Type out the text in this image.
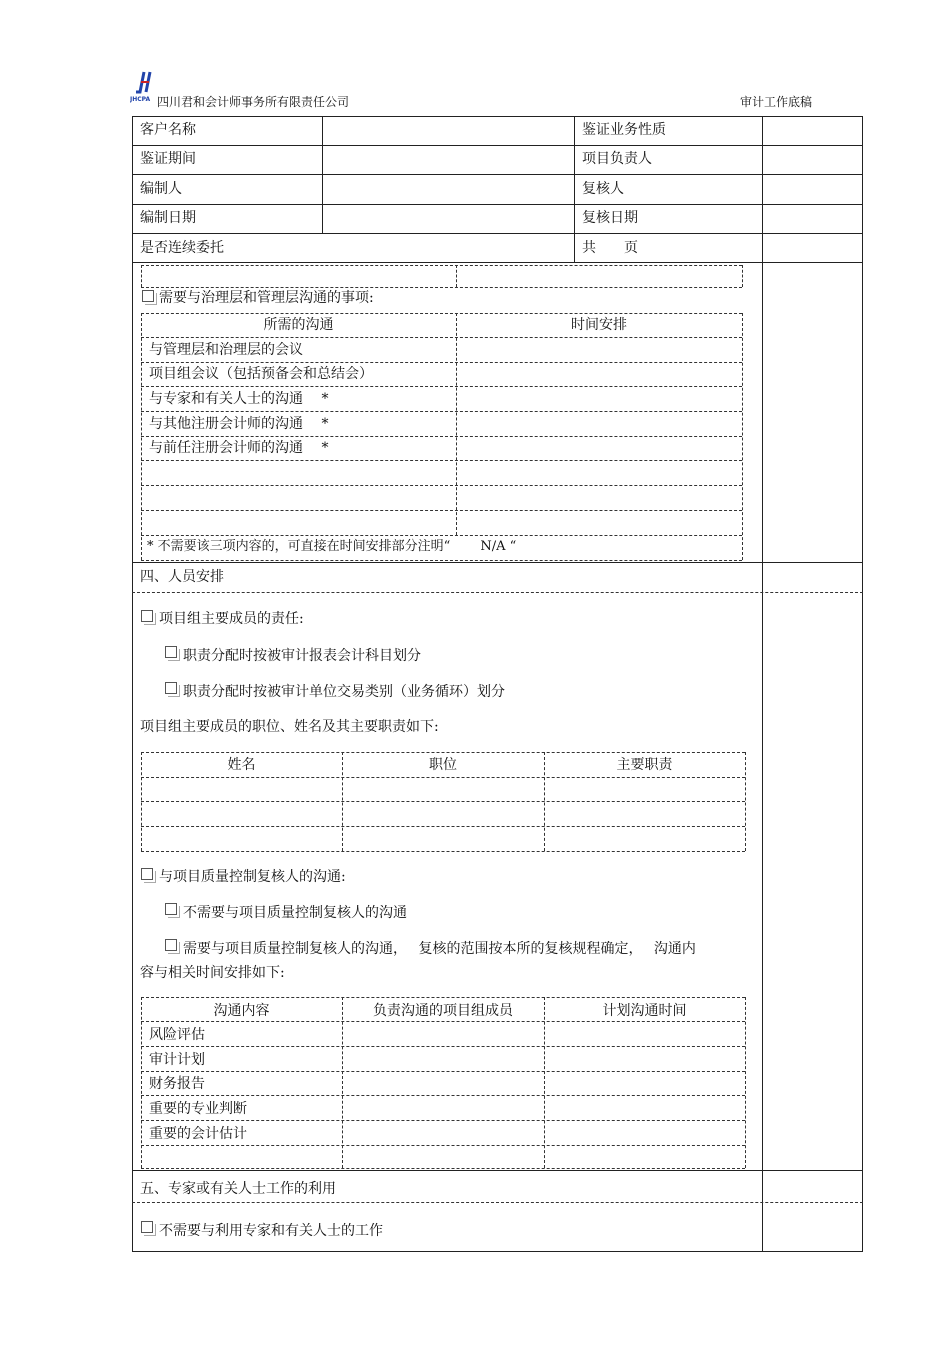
JHCPA 四川君和会计师事务所有限责任公司	审计工作底稿
客户名称	鉴证业务性质
鉴证期间	项目负责人
编制人	复核人
编制日期	复核日期
是否连续委托	共 页
需要与治理层和管理层沟通的事项:
所需的沟通	时间安排
与管理层和治理层的会议
项目组会议（包括预备会和总结会）
与专家和有关人士的沟通　 *
与其他注册会计师的沟通　 *
与前任注册会计师的沟通　 *
* 不需要该三项内容的，可直接在时间安排部分注明“　　 N/A “
四、人员安排
项目组主要成员的责任:
职责分配时按被审计报表会计科目划分
职责分配时按被审计单位交易类别（业务循环）划分
项目组主要成员的职位、姓名及其主要职责如下:
姓名	职位	主要职责
与项目质量控制复核人的沟通:
不需要与项目质量控制复核人的沟通
需要与项目质量控制复核人的沟通，　 复核的范围按本所的复核规程确定，　 沟通内
容与相关时间安排如下:
沟通内容	负责沟通的项目组成员	计划沟通时间
风险评估
审计计划
财务报告
重要的专业判断
重要的会计估计
五、专家或有关人士工作的利用
不需要与利用专家和有关人士的工作
